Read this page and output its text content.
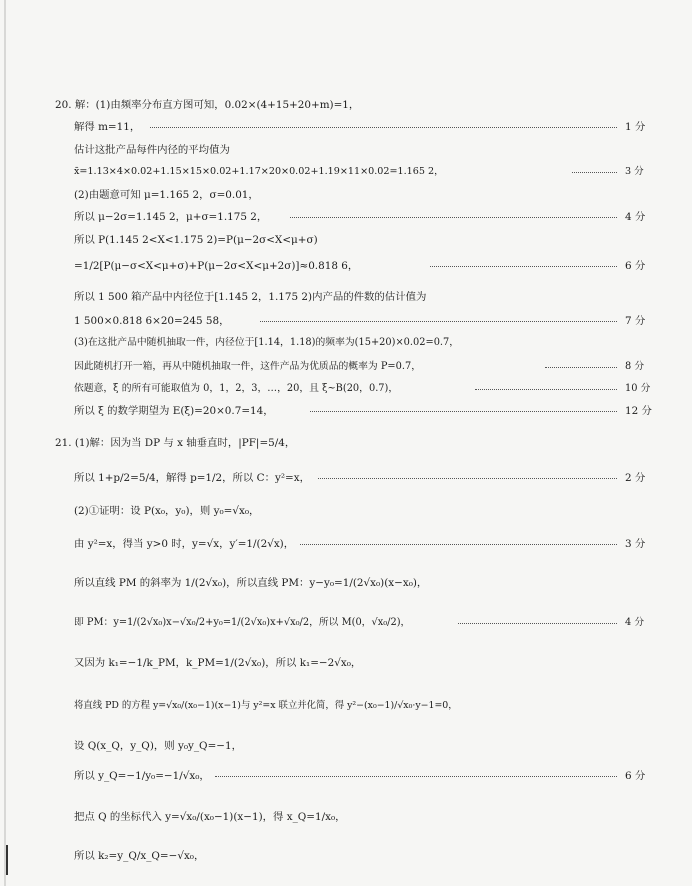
20. 解：(1)由频率分布直方图可知，0.02×(4+15+20+m)=1，
解得 m=11，	1 分
估计这批产品每件内径的平均值为
x̄=1.13×4×0.02+1.15×15×0.02+1.17×20×0.02+1.19×11×0.02=1.165 2，	3 分
(2)由题意可知 μ=1.165 2，σ=0.01，
所以 μ−2σ=1.145 2，μ+σ=1.175 2，	4 分
所以 P(1.145 2<X<1.175 2)=P(μ−2σ<X<μ+σ)
=1/2[P(μ−σ<X<μ+σ)+P(μ−2σ<X<μ+2σ)]≈0.818 6，	6 分
所以 1 500 箱产品中内径位于[1.145 2，1.175 2)内产品的件数的估计值为
1 500×0.818 6×20=245 58，	7 分
(3)在这批产品中随机抽取一件，内径位于[1.14，1.18)的频率为(15+20)×0.02=0.7，
因此随机打开一箱，再从中随机抽取一件，这件产品为优质品的概率为 P=0.7，	8 分
依题意，ξ 的所有可能取值为 0，1，2，3，…，20，且 ξ~B(20，0.7)，	10 分
所以 ξ 的数学期望为 E(ξ)=20×0.7=14，	12 分
21. (1)解：因为当 DP 与 x 轴垂直时，|PF|=5/4，
所以 1+p/2=5/4，解得 p=1/2，所以 C：y²=x，	2 分
(2)①证明：设 P(x₀，y₀)，则 y₀=√x₀，
由 y²=x，得当 y>0 时，y=√x，y′=1/(2√x)，	3 分
所以直线 PM 的斜率为 1/(2√x₀)，所以直线 PM：y−y₀=1/(2√x₀)(x−x₀)，
即 PM：y=1/(2√x₀)x−√x₀/2+y₀=1/(2√x₀)x+√x₀/2，所以 M(0，√x₀/2)，	4 分
又因为 k₁=−1/k_PM，k_PM=1/(2√x₀)，所以 k₁=−2√x₀，
将直线 PD 的方程 y=√x₀/(x₀−1)(x−1)与 y²=x 联立并化简，得 y²−(x₀−1)/√x₀·y−1=0，
设 Q(x_Q，y_Q)，则 y₀y_Q=−1，
所以 y_Q=−1/y₀=−1/√x₀，	6 分
把点 Q 的坐标代入 y=√x₀/(x₀−1)(x−1)，得 x_Q=1/x₀，
所以 k₂=y_Q/x_Q=−√x₀，
